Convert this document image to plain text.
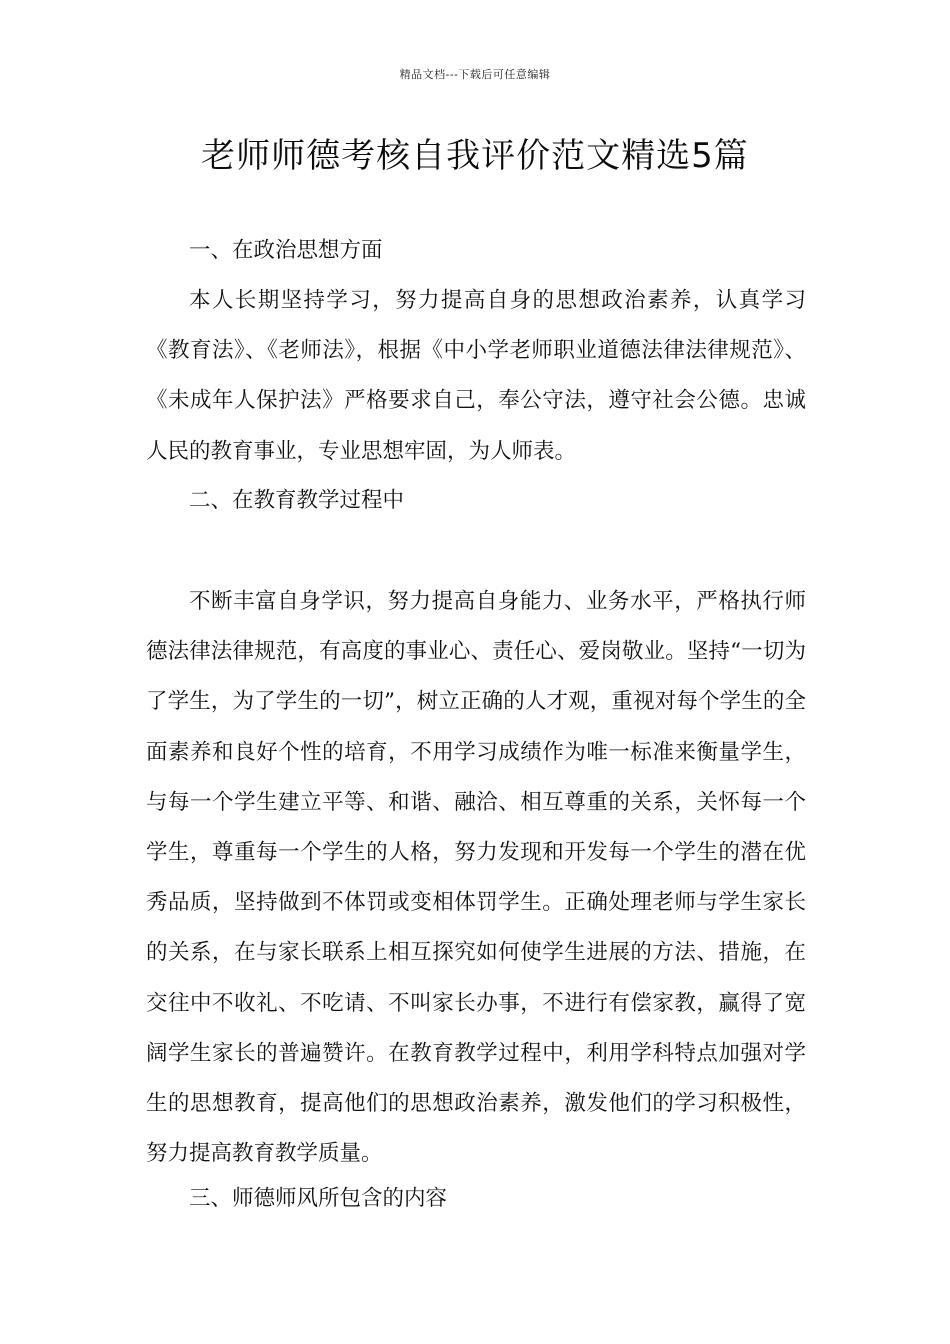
精品文档---下载后可任意编辑
老师师德考核自我评价范文精选5篇

一、在政治思想方面

本人长期坚持学习，努力提高自身的思想政治素养，认真学习《教育法》、《老师法》，根据《中小学老师职业道德法律法律规范》、《未成年人保护法》严格要求自己，奉公守法，遵守社会公德。忠诚人民的教育事业，专业思想牢固，为人师表。

二、在教育教学过程中

不断丰富自身学识，努力提高自身能力、业务水平，严格执行师德法律法律规范，有高度的事业心、责任心、爱岗敬业。坚持“一切为了学生，为了学生的一切”，树立正确的人才观，重视对每个学生的全面素养和良好个性的培育，不用学习成绩作为唯一标准来衡量学生，与每一个学生建立平等、和谐、融洽、相互尊重的关系，关怀每一个学生，尊重每一个学生的人格，努力发现和开发每一个学生的潜在优秀品质，坚持做到不体罚或变相体罚学生。正确处理老师与学生家长的关系，在与家长联系上相互探究如何使学生进展的方法、措施，在交往中不收礼、不吃请、不叫家长办事，不进行有偿家教，赢得了宽阔学生家长的普遍赞许。在教育教学过程中，利用学科特点加强对学生的思想教育，提高他们的思想政治素养，激发他们的学习积极性，努力提高教育教学质量。

三、师德师风所包含的内容
